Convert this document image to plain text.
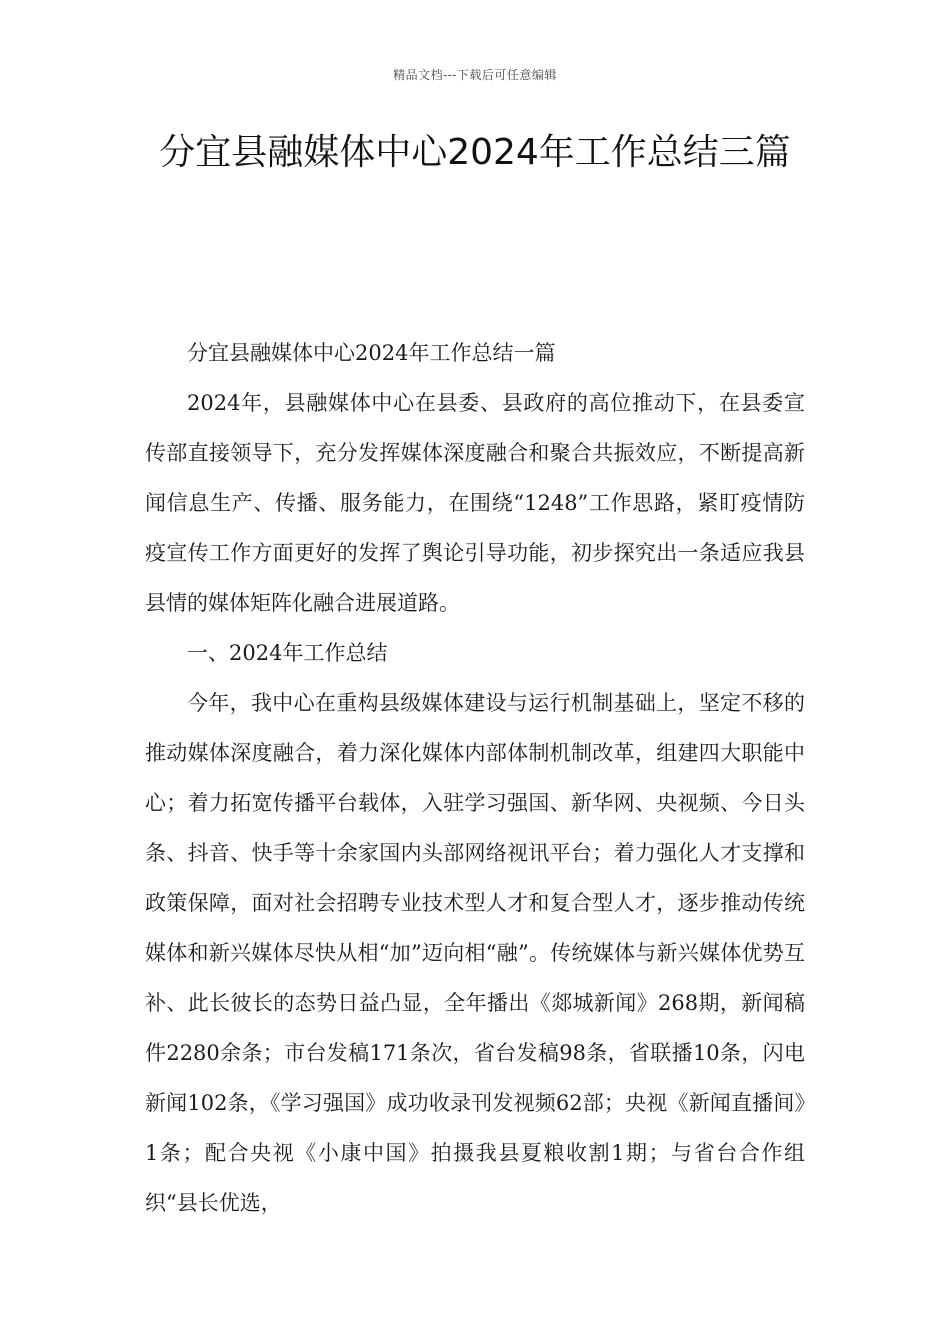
精品文档---下载后可任意编辑
分宜县融媒体中心2024年工作总结三篇

分宜县融媒体中心2024年工作总结一篇

2024年，县融媒体中心在县委、县政府的高位推动下，在县委宣传部直接领导下，充分发挥媒体深度融合和聚合共振效应，不断提高新闻信息生产、传播、服务能力，在围绕“1248”工作思路，紧盯疫情防疫宣传工作方面更好的发挥了舆论引导功能，初步探究出一条适应我县县情的媒体矩阵化融合进展道路。

一、2024年工作总结

今年，我中心在重构县级媒体建设与运行机制基础上，坚定不移的推动媒体深度融合，着力深化媒体内部体制机制改革，组建四大职能中心；着力拓宽传播平台载体，入驻学习强国、新华网、央视频、今日头条、抖音、快手等十余家国内头部网络视讯平台；着力强化人才支撑和政策保障，面对社会招聘专业技术型人才和复合型人才，逐步推动传统媒体和新兴媒体尽快从相“加”迈向相“融”。传统媒体与新兴媒体优势互补、此长彼长的态势日益凸显，全年播出《郯城新闻》268期，新闻稿件2280余条；市台发稿171条次，省台发稿98条，省联播10条，闪电新闻102条，《学习强国》成功收录刊发视频62部；央视《新闻直播间》1条；配合央视《小康中国》拍摄我县夏粮收割1期；与省台合作组织“县长优选，
